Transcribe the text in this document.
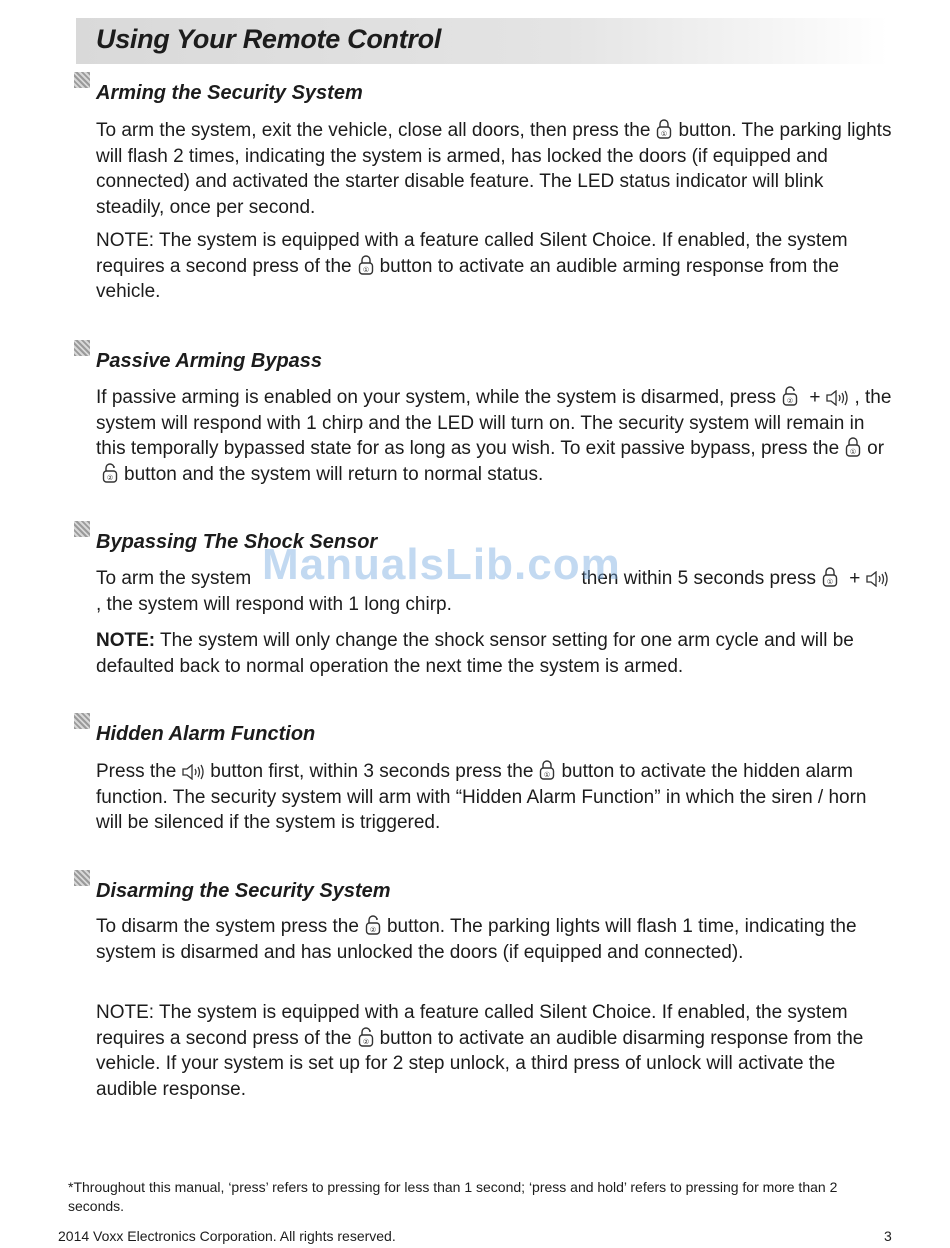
Using Your Remote Control
Arming the Security System

To arm the system, exit the vehicle, close all doors, then press the ① button. The parking lights will flash 2 times, indicating the system is armed, has locked the doors (if equipped and connected) and activated the starter disable feature. The LED status indicator will blink steadily, once per second.

NOTE: The system is equipped with a feature called Silent Choice. If enabled, the system requires a second press of the ① button to activate an audible arming response from the vehicle.

Passive Arming Bypass

If passive arming is enabled on your system, while the system is disarmed, press ② + , the system will respond with 1 chirp and the LED will turn on. The security system will remain in this temporally bypassed state for as long as you wish. To exit passive bypass, press the ① or
② button and the system will return to normal status.

Bypassing The Shock Sensor

To arm the system	then within 5 seconds press ① +
, the system will respond with 1 long chirp.

NOTE: The system will only change the shock sensor setting for one arm cycle and will be defaulted back to normal operation the next time the system is armed.

ManualsLib.com
Hidden Alarm Function

Press the button first, within 3 seconds press the ① button to activate the hidden alarm function. The security system will arm with “Hidden Alarm Function” in which the siren / horn will be silenced if the system is triggered.

Disarming the Security System

To disarm the system press the ② button. The parking lights will flash 1 time, indicating the system is disarmed and has unlocked the doors (if equipped and connected).

NOTE: The system is equipped with a feature called Silent Choice. If enabled, the system requires a second press of the ② button to activate an audible disarming response from the vehicle. If your system is set up for 2 step unlock, a third press of unlock will activate the audible response.

*Throughout this manual, ‘press’ refers to pressing for less than 1 second; ‘press and hold’ refers to pressing for more than 2 seconds.

2014 Voxx Electronics Corporation. All rights reserved.	3
